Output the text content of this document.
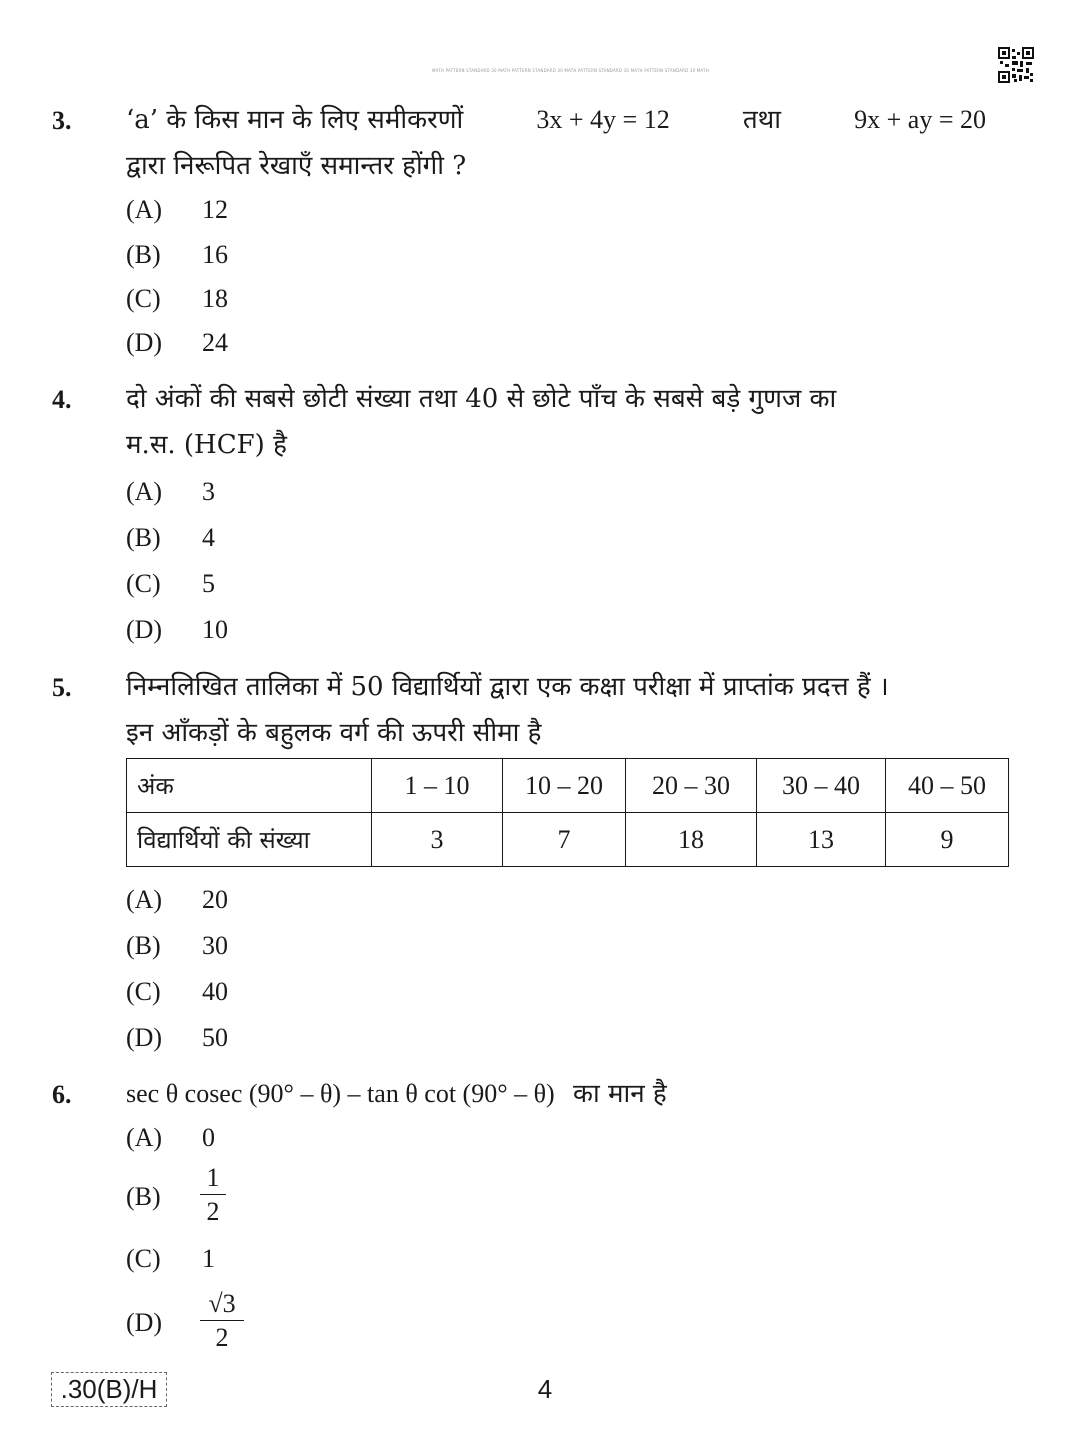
MATH PATTERN STANDARD 30 MATH PATTERN STANDARD 30 MATH PATTERN STANDARD 30 MATH PATTERN STANDARD 30 MATH
3. ‘a’ के किस मान के लिए समीकरणों	3x + 4y = 12	तथा	9x + ay = 20
द्वारा निरूपित रेखाएँ समान्तर होंगी ?
(A) 12
(B) 16
(C) 18
(D) 24
4. दो अंकों की सबसे छोटी संख्या तथा 40 से छोटे पाँच के सबसे बड़े गुणज का
म.स. (HCF) है
(A) 3
(B) 4
(C) 5
(D) 10
5. निम्नलिखित तालिका में 50 विद्यार्थियों द्वारा एक कक्षा परीक्षा में प्राप्तांक प्रदत्त हैं ।
इन आँकड़ों के बहुलक वर्ग की ऊपरी सीमा है
अंक	1 – 10	10 – 20	20 – 30	30 – 40	40 – 50
विद्यार्थियों की संख्या	3	7	18	13	9
(A) 20
(B) 30
(C) 40
(D) 50
6. sec θ cosec (90° – θ) – tan θ cot (90° – θ) का मान है
(A) 0
(B)
1
2
(C) 1
(D)
√3
2
.30(B)/H	4
